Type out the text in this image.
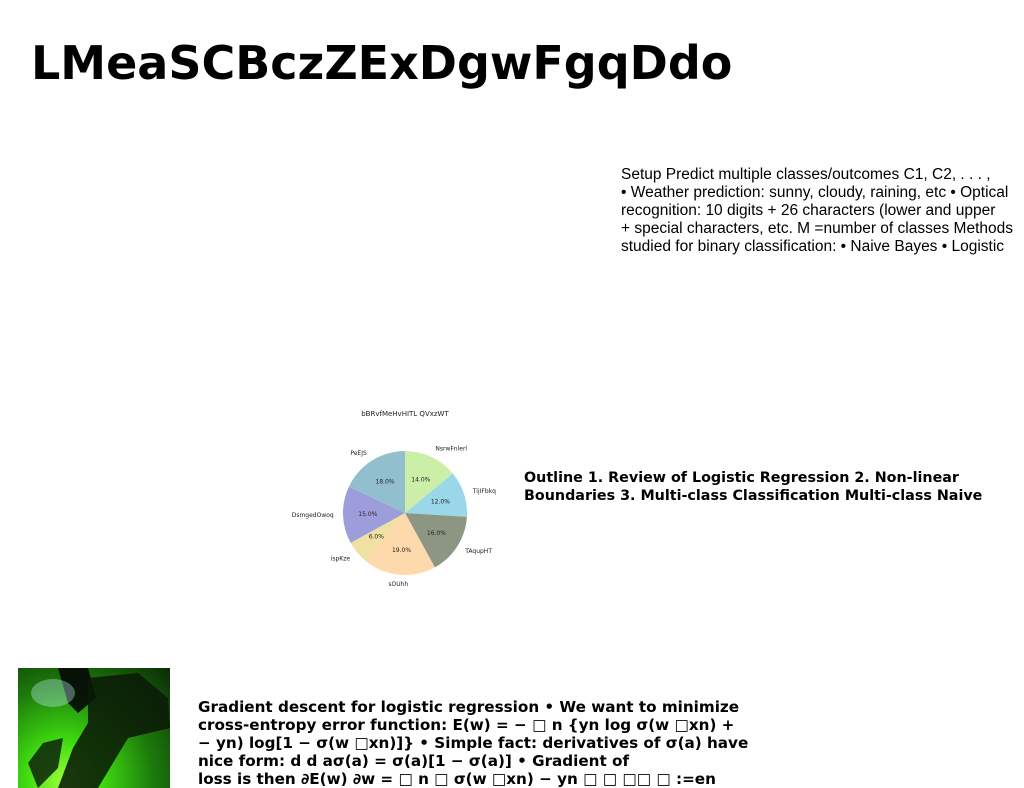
LMeaSCBczZExDgwFgqDdo
Setup Predict multiple classes/outcomes C1, C2, . . . ,
• Weather prediction: sunny, cloudy, raining, etc • Optical
recognition: 10 digits + 26 characters (lower and upper
+ special characters, etc. M =number of classes Methods
studied for binary classification: • Naive Bayes • Logistic
bBRvfMeHvHITL QVxzWT
14.0%
NsrwFnlerl
12.0%
TijIFbkq
16.0%
TAqupHT
19.0%
sOUhh
6.0%
ispKze
15.0%
DsmgedOwoq
18.0%
PeEJS
Outline 1. Review of Logistic Regression 2. Non-linear
Boundaries 3. Multi-class Classification Multi-class Naive
Gradient descent for logistic regression • We want to minimize
cross-entropy error function: E(w) = − □ n {yn log σ(w □xn) +
− yn) log[1 − σ(w □xn)]} • Simple fact: derivatives of σ(a) have
nice form: d d aσ(a) = σ(a)[1 − σ(a)] • Gradient of
loss is then ∂E(w) ∂w = □ n □ σ(w □xn) − yn □ □ □□ □ :=en
